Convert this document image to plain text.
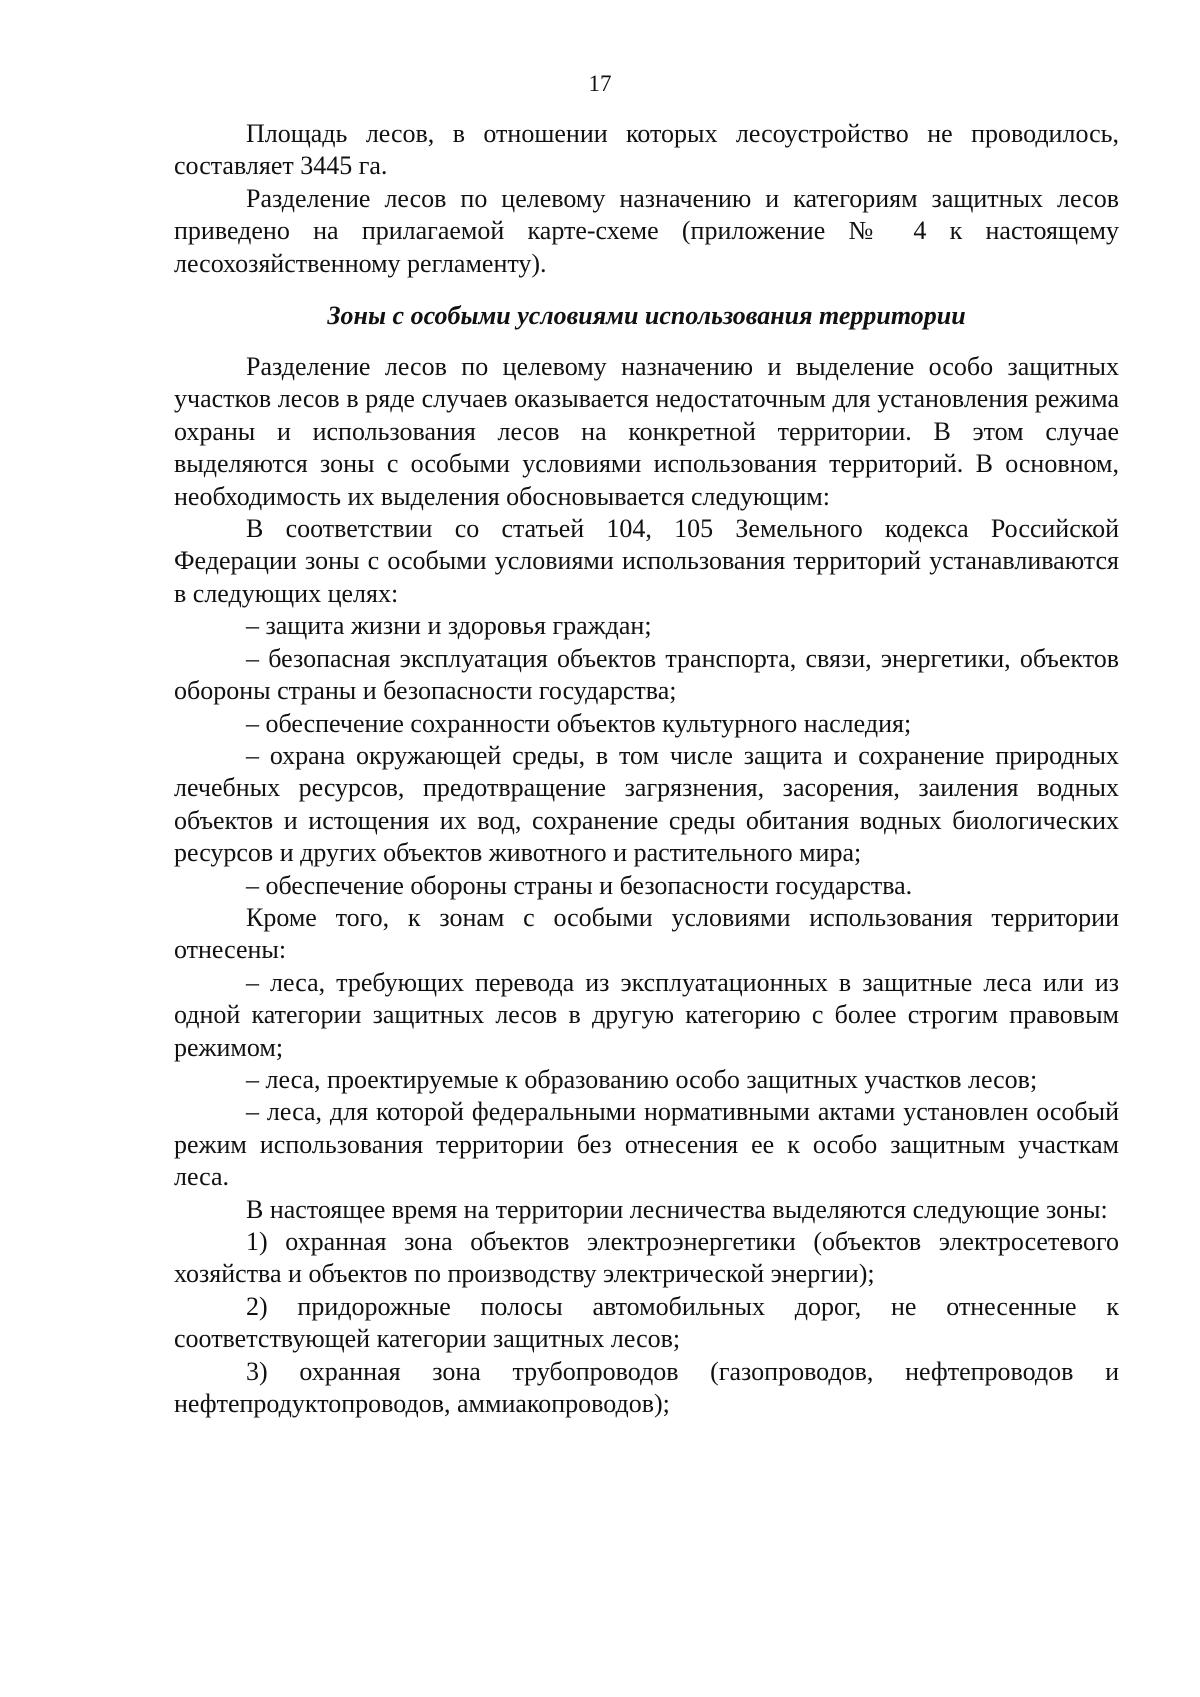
17

Площадь лесов, в отношении которых лесоустройство не проводилось, составляет 3445 га.

Разделение лесов по целевому назначению и категориям защитных лесов приведено на прилагаемой карте-схеме (приложение № 4 к настоящему лесохозяйственному регламенту).

Зоны с особыми условиями использования территории

Разделение лесов по целевому назначению и выделение особо защитных участков лесов в ряде случаев оказывается недостаточным для установления режима охраны и использования лесов на конкретной территории. В этом случае выделяются зоны с особыми условиями использования территорий. В основном, необходимость их выделения обосновывается следующим:

В соответствии со статьей 104, 105 Земельного кодекса Российской Федерации зоны с особыми условиями использования территорий устанавливаются в следующих целях:

– защита жизни и здоровья граждан;

– безопасная эксплуатация объектов транспорта, связи, энергетики, объектов обороны страны и безопасности государства;

– обеспечение сохранности объектов культурного наследия;

– охрана окружающей среды, в том числе защита и сохранение природных лечебных ресурсов, предотвращение загрязнения, засорения, заиления водных объектов и истощения их вод, сохранение среды обитания водных биологических ресурсов и других объектов животного и растительного мира;

– обеспечение обороны страны и безопасности государства.

Кроме того, к зонам с особыми условиями использования территории отнесены:

– леса, требующих перевода из эксплуатационных в защитные леса или из одной категории защитных лесов в другую категорию с более строгим правовым режимом;

– леса, проектируемые к образованию особо защитных участков лесов;

– леса, для которой федеральными нормативными актами установлен особый режим использования территории без отнесения ее к особо защитным участкам леса.

В настоящее время на территории лесничества выделяются следующие зоны:

1) охранная зона объектов электроэнергетики (объектов электросетевого хозяйства и объектов по производству электрической энергии);

2) придорожные полосы автомобильных дорог, не отнесенные к соответствующей категории защитных лесов;

3) охранная зона трубопроводов (газопроводов, нефтепроводов и нефтепродуктопроводов, аммиакопроводов);
